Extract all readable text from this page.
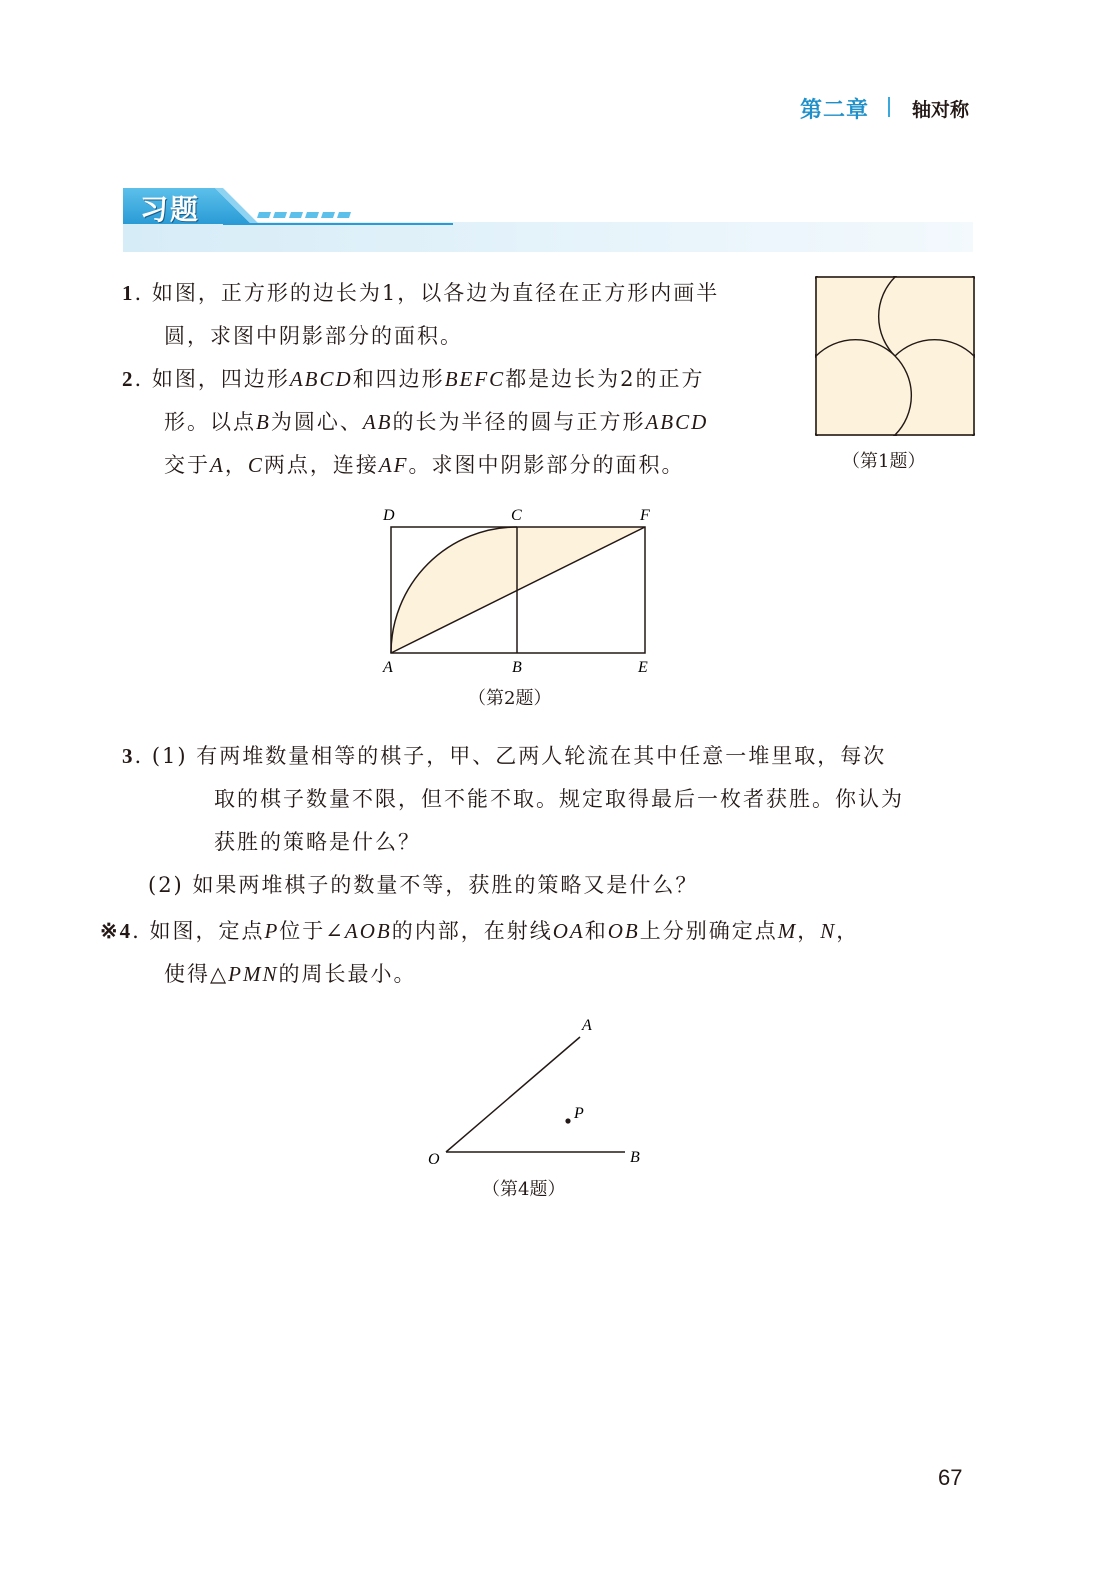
第二章 轴对称
习题
1. 如图，正方形的边长为1，以各边为直径在正方形内画半
圆，求图中阴影部分的面积。
2. 如图，四边形ABCD和四边形BEFC都是边长为2的正方
形。以点B为圆心、AB的长为半径的圆与正方形ABCD
交于A，C两点，连接AF。求图中阴影部分的面积。	（第1题）
D	C	F
A	B	E
（第2题）
3. (1) 有两堆数量相等的棋子，甲、乙两人轮流在其中任意一堆里取，每次
取的棋子数量不限，但不能不取。规定取得最后一枚者获胜。你认为
获胜的策略是什么？
(2) 如果两堆棋子的数量不等，获胜的策略又是什么？
※4. 如图，定点P位于∠AOB的内部，在射线OA和OB上分别确定点M，N，
使得△PMN的周长最小。
A
P
O	B
（第4题）
67
